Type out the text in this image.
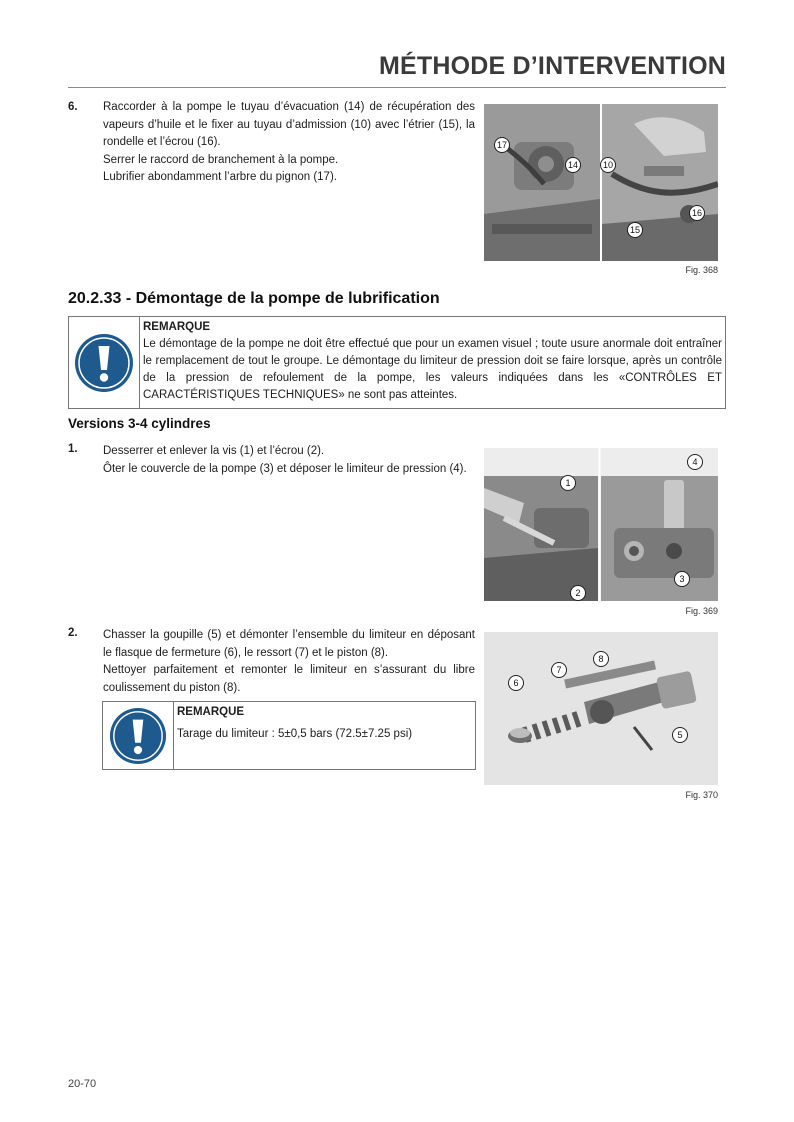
MÉTHODE D’INTERVENTION
6. Raccorder à la pompe le tuyau d’évacuation (14) de récupération des vapeurs d’huile et le fixer au tuyau d’admission (10) avec l’étrier (15), la rondelle et l’écrou (16).

Serrer le raccord de branchement à la pompe.

Lubrifier abondamment l’arbre du pignon (17).

17
14	10
16
15
Fig. 368
20.2.33 - Démontage de la pompe de lubrification
REMARQUE
Le démontage de la pompe ne doit être effectué que pour un examen visuel ; toute usure anormale doit entraîner le remplacement de tout le groupe. Le démontage du limiteur de pression doit se faire lorsque, après un contrôle de la pression de refoulement de la pompe, les valeurs indiquées dans les «CONTRÔLES ET CARACTÉRISTIQUES TECHNIQUES» ne sont pas atteintes.
Versions 3-4 cylindres
1. Desserrer et enlever la vis (1) et l’écrou (2).

Ôter le couvercle de la pompe (3) et déposer le limiteur de pression (4).

1
2
4
3
Fig. 369
2. Chasser la goupille (5) et démonter l’ensemble du limiteur en déposant le flasque de fermeture (6), le ressort (7) et le piston (8).

Nettoyer parfaitement et remonter le limiteur en s’assurant du libre coulissement du piston (8).

REMARQUE
Tarage du limiteur : 5±0,5 bars (72.5±7.25 psi)
6
7
8
5
Fig. 370
20-70
